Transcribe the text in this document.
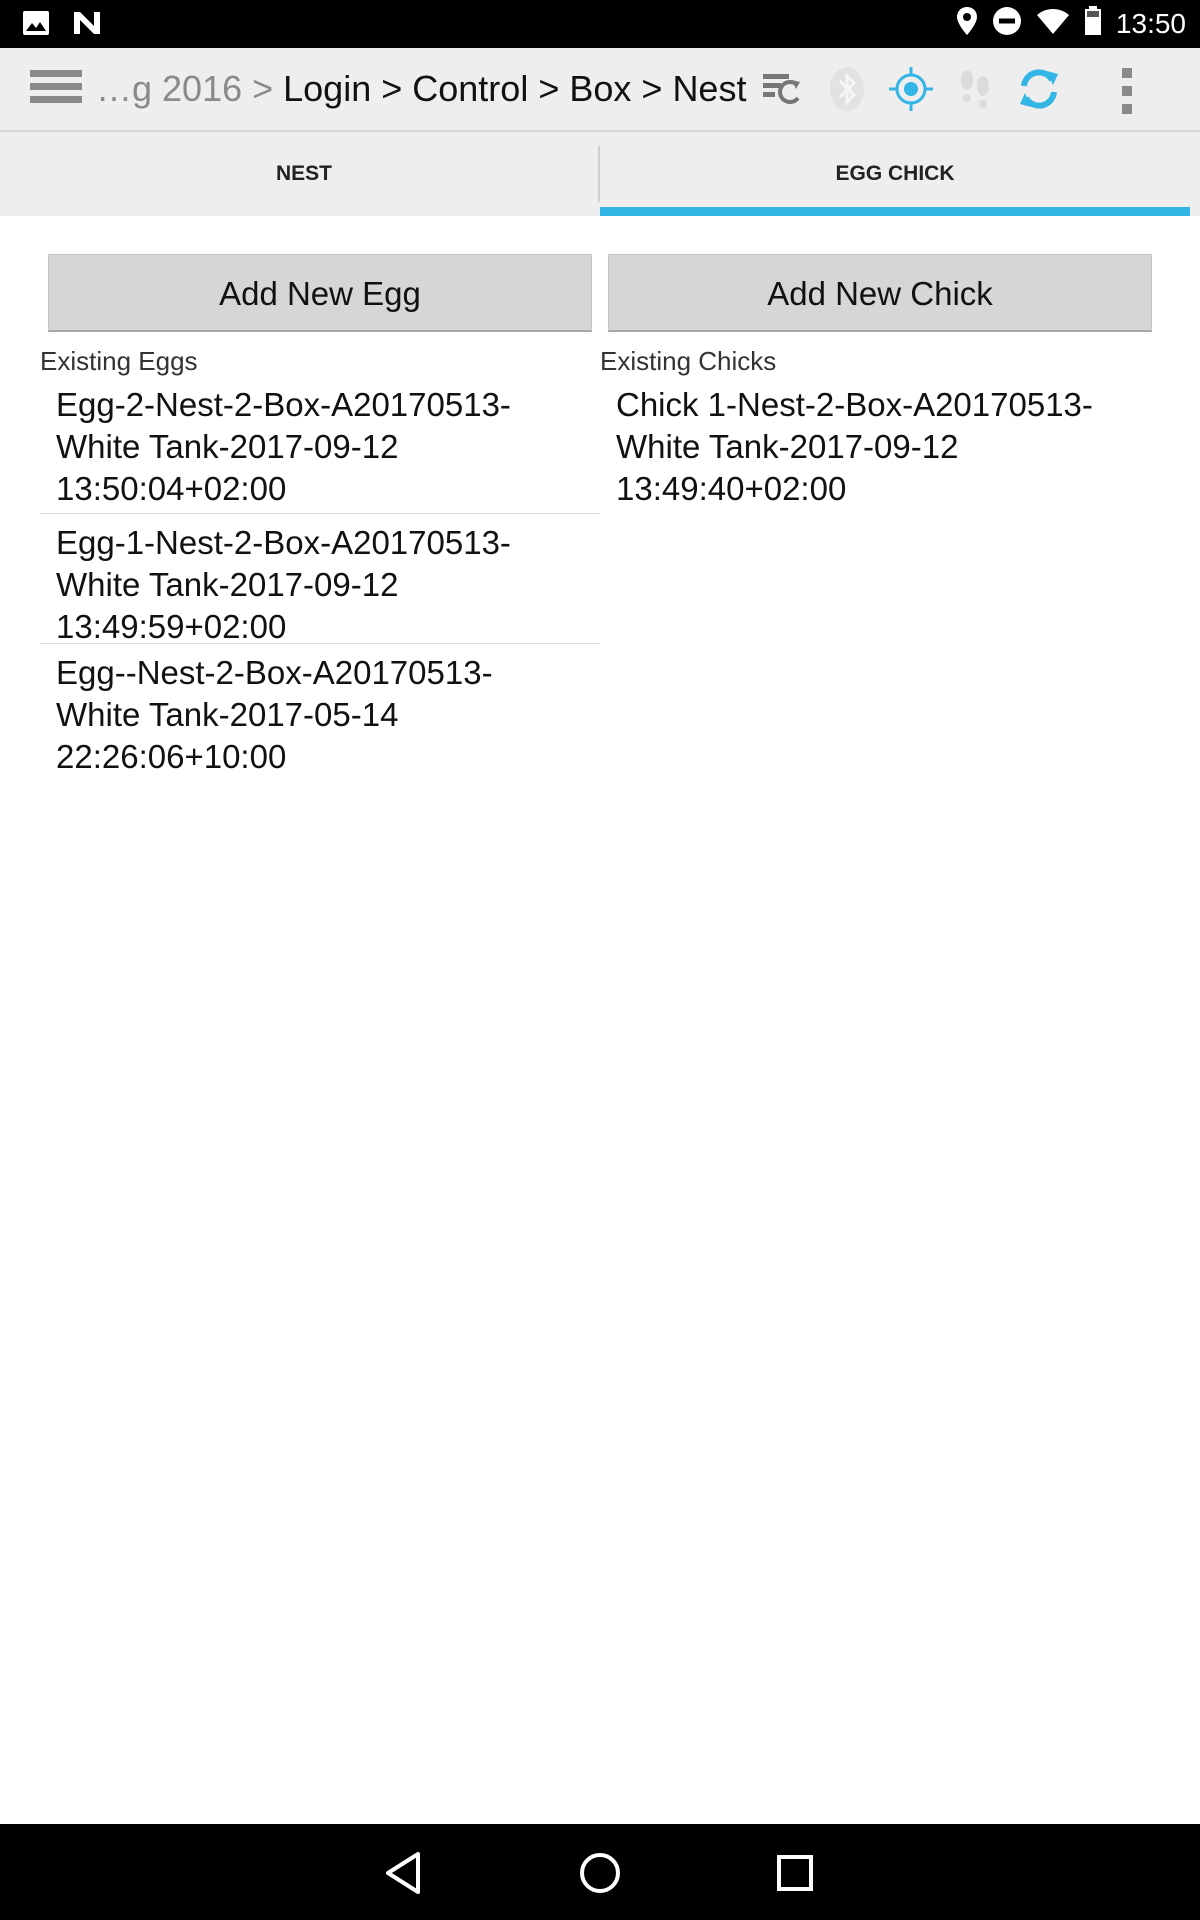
13:50
…g 2016 > Login > Control > Box > Nest
NEST	EGG CHICK
Add New Egg	Add New Chick
Existing Eggs	Existing Chicks
Egg-2-Nest-2-Box-A20170513-
White Tank-2017-09-12
13:50:04+02:00
Egg-1-Nest-2-Box-A20170513-
White Tank-2017-09-12
13:49:59+02:00
Egg--Nest-2-Box-A20170513-
White Tank-2017-05-14
22:26:06+10:00
Chick 1-Nest-2-Box-A20170513-
White Tank-2017-09-12
13:49:40+02:00
